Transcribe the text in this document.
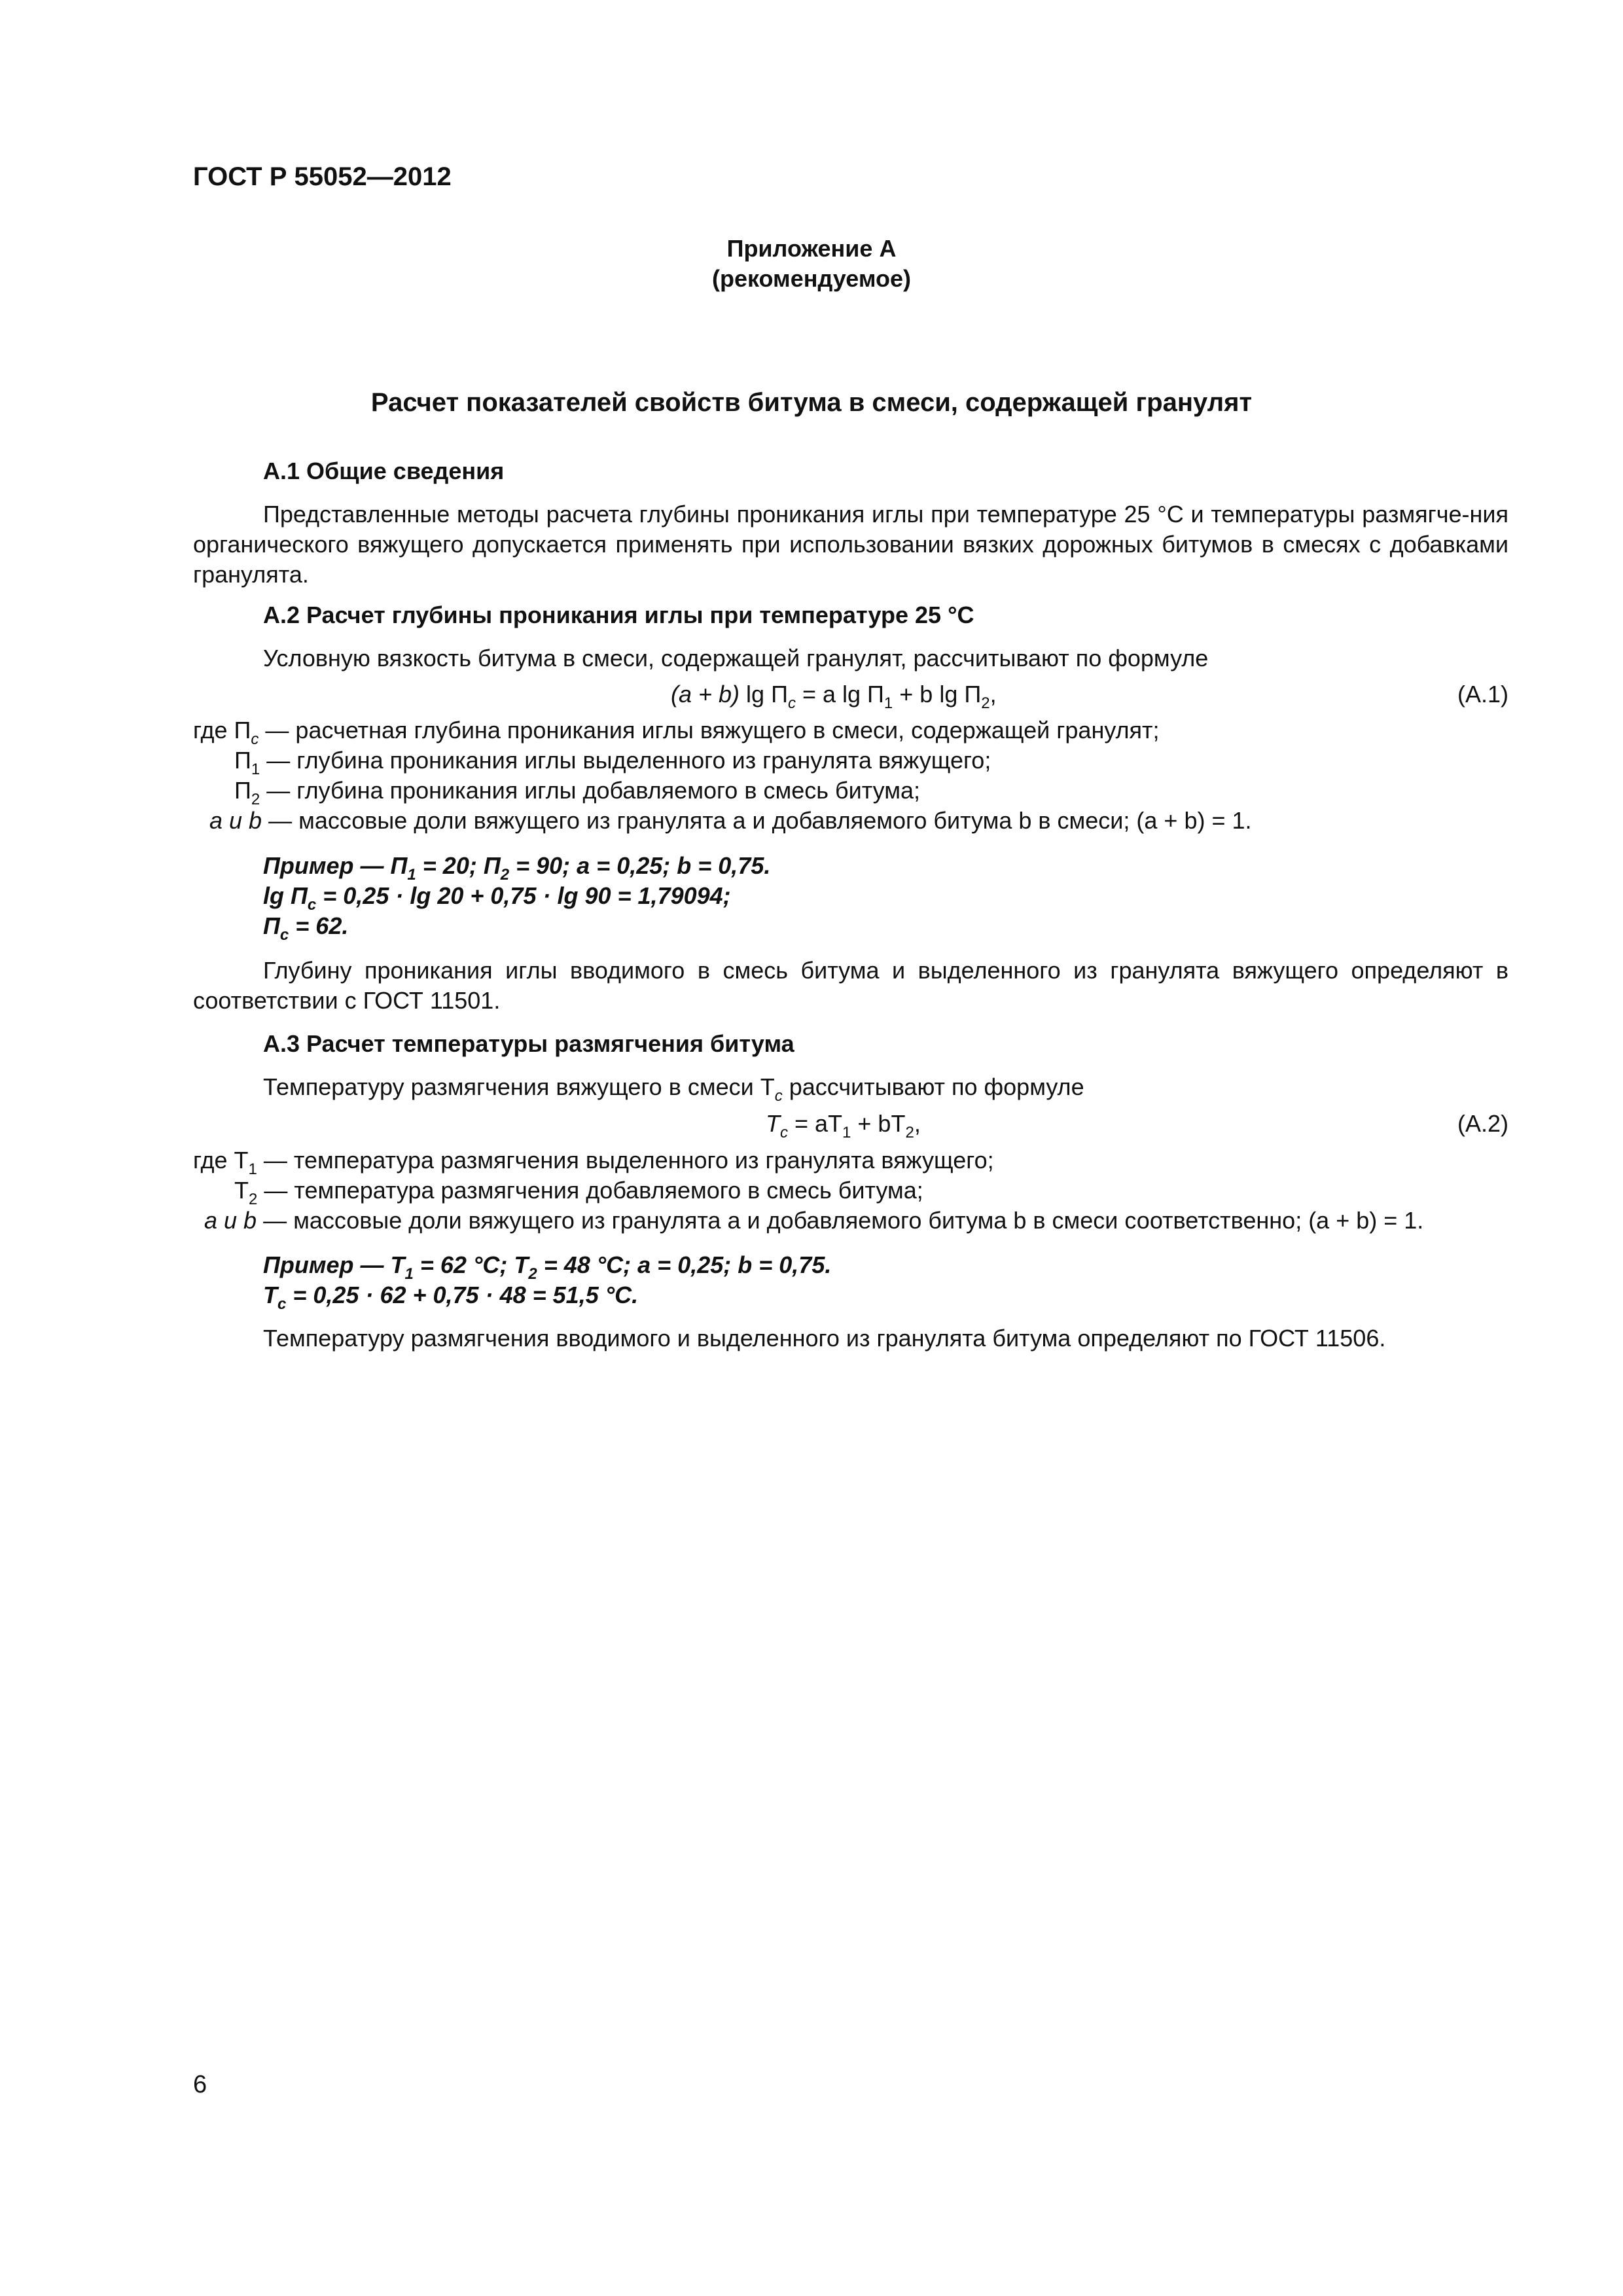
ГОСТ Р 55052—2012
Приложение А
(рекомендуемое)
Расчет показателей свойств битума в смеси, содержащей гранулят
А.1 Общие сведения
Представленные методы расчета глубины проникания иглы при температуре 25 °С и температуры размягче-ния органического вяжущего допускается применять при использовании вязких дорожных битумов в смесях с добавками гранулята.
А.2 Расчет глубины проникания иглы при температуре 25 °С
Условную вязкость битума в смеси, содержащей гранулят, рассчитывают по формуле
(a + b) $\lg П_c = a$ $\lg П_1 + b$ $\lg П_2$,	(А.1)
где $П_c$ — расчетная глубина проникания иглы вяжущего в смеси, содержащей гранулят;
$П_1$ — глубина проникания иглы выделенного из гранулята вяжущего;
$П_2$ — глубина проникания иглы добавляемого в смесь битума;
a и b — массовые доли вяжущего из гранулята a и добавляемого битума b в смеси; (a + b) = 1.
Пример — $П_1 = 20$; $П_2 = 90$; a = 0,25; b = 0,75.
$\lg П_c = 0,25 \cdot \lg 20 + 0,75 \cdot \lg 90 = 1,79094$;
$П_c = 62$.
Глубину проникания иглы вводимого в смесь битума и выделенного из гранулята вяжущего определяют в соответствии с ГОСТ 11501.
А.3 Расчет температуры размягчения битума
Температуру размягчения вяжущего в смеси $T_c$ рассчитывают по формуле
$T_c = aT_1 + bT_2$,	(А.2)
где $T_1$ — температура размягчения выделенного из гранулята вяжущего;
$T_2$ — температура размягчения добавляемого в смесь битума;
a и b — массовые доли вяжущего из гранулята a и добавляемого битума b в смеси соответственно; (a + b) = 1.
Пример — $T_1 = 62$ °С; $T_2 = 48$ °С; a = 0,25; b = 0,75.
$T_c = 0,25 \cdot 62 + 0,75 \cdot 48 = 51,5$ °С.
Температуру размягчения вводимого и выделенного из гранулята битума определяют по ГОСТ 11506.
6
